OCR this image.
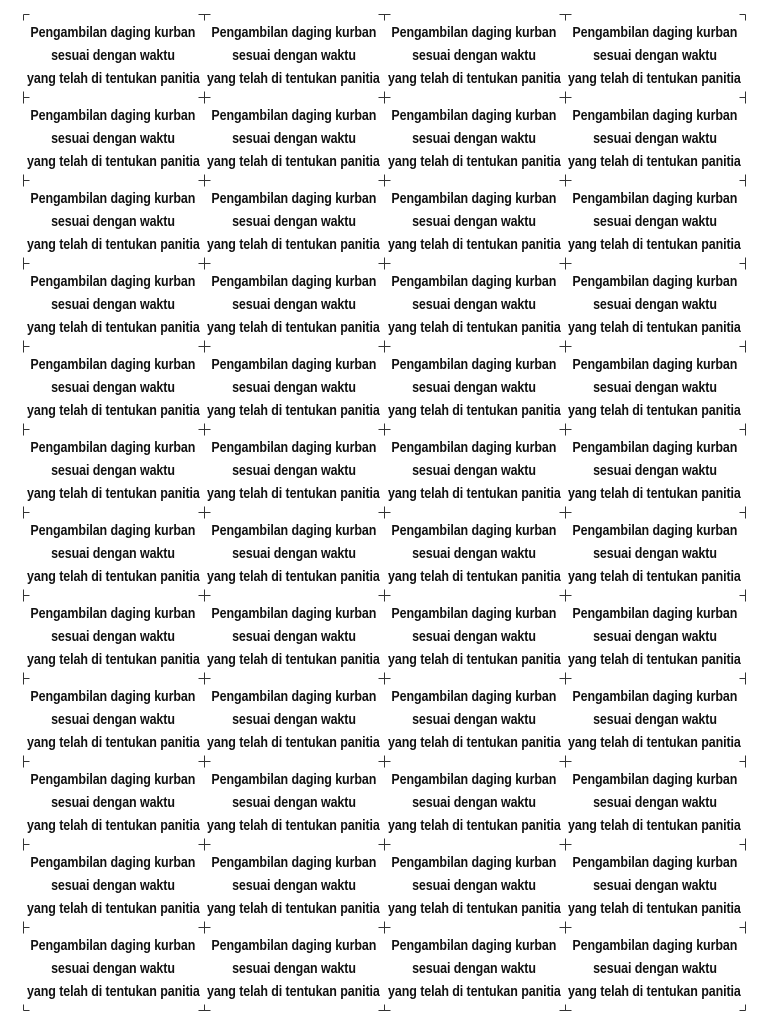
Pengambilan daging kurban
sesuai dengan waktu
yang telah di tentukan panitia
Pengambilan daging kurban
sesuai dengan waktu
yang telah di tentukan panitia
Pengambilan daging kurban
sesuai dengan waktu
yang telah di tentukan panitia
Pengambilan daging kurban
sesuai dengan waktu
yang telah di tentukan panitia
Pengambilan daging kurban
sesuai dengan waktu
yang telah di tentukan panitia
Pengambilan daging kurban
sesuai dengan waktu
yang telah di tentukan panitia
Pengambilan daging kurban
sesuai dengan waktu
yang telah di tentukan panitia
Pengambilan daging kurban
sesuai dengan waktu
yang telah di tentukan panitia
Pengambilan daging kurban
sesuai dengan waktu
yang telah di tentukan panitia
Pengambilan daging kurban
sesuai dengan waktu
yang telah di tentukan panitia
Pengambilan daging kurban
sesuai dengan waktu
yang telah di tentukan panitia
Pengambilan daging kurban
sesuai dengan waktu
yang telah di tentukan panitia
Pengambilan daging kurban
sesuai dengan waktu
yang telah di tentukan panitia
Pengambilan daging kurban
sesuai dengan waktu
yang telah di tentukan panitia
Pengambilan daging kurban
sesuai dengan waktu
yang telah di tentukan panitia
Pengambilan daging kurban
sesuai dengan waktu
yang telah di tentukan panitia
Pengambilan daging kurban
sesuai dengan waktu
yang telah di tentukan panitia
Pengambilan daging kurban
sesuai dengan waktu
yang telah di tentukan panitia
Pengambilan daging kurban
sesuai dengan waktu
yang telah di tentukan panitia
Pengambilan daging kurban
sesuai dengan waktu
yang telah di tentukan panitia
Pengambilan daging kurban
sesuai dengan waktu
yang telah di tentukan panitia
Pengambilan daging kurban
sesuai dengan waktu
yang telah di tentukan panitia
Pengambilan daging kurban
sesuai dengan waktu
yang telah di tentukan panitia
Pengambilan daging kurban
sesuai dengan waktu
yang telah di tentukan panitia
Pengambilan daging kurban
sesuai dengan waktu
yang telah di tentukan panitia
Pengambilan daging kurban
sesuai dengan waktu
yang telah di tentukan panitia
Pengambilan daging kurban
sesuai dengan waktu
yang telah di tentukan panitia
Pengambilan daging kurban
sesuai dengan waktu
yang telah di tentukan panitia
Pengambilan daging kurban
sesuai dengan waktu
yang telah di tentukan panitia
Pengambilan daging kurban
sesuai dengan waktu
yang telah di tentukan panitia
Pengambilan daging kurban
sesuai dengan waktu
yang telah di tentukan panitia
Pengambilan daging kurban
sesuai dengan waktu
yang telah di tentukan panitia
Pengambilan daging kurban
sesuai dengan waktu
yang telah di tentukan panitia
Pengambilan daging kurban
sesuai dengan waktu
yang telah di tentukan panitia
Pengambilan daging kurban
sesuai dengan waktu
yang telah di tentukan panitia
Pengambilan daging kurban
sesuai dengan waktu
yang telah di tentukan panitia
Pengambilan daging kurban
sesuai dengan waktu
yang telah di tentukan panitia
Pengambilan daging kurban
sesuai dengan waktu
yang telah di tentukan panitia
Pengambilan daging kurban
sesuai dengan waktu
yang telah di tentukan panitia
Pengambilan daging kurban
sesuai dengan waktu
yang telah di tentukan panitia
Pengambilan daging kurban
sesuai dengan waktu
yang telah di tentukan panitia
Pengambilan daging kurban
sesuai dengan waktu
yang telah di tentukan panitia
Pengambilan daging kurban
sesuai dengan waktu
yang telah di tentukan panitia
Pengambilan daging kurban
sesuai dengan waktu
yang telah di tentukan panitia
Pengambilan daging kurban
sesuai dengan waktu
yang telah di tentukan panitia
Pengambilan daging kurban
sesuai dengan waktu
yang telah di tentukan panitia
Pengambilan daging kurban
sesuai dengan waktu
yang telah di tentukan panitia
Pengambilan daging kurban
sesuai dengan waktu
yang telah di tentukan panitia
